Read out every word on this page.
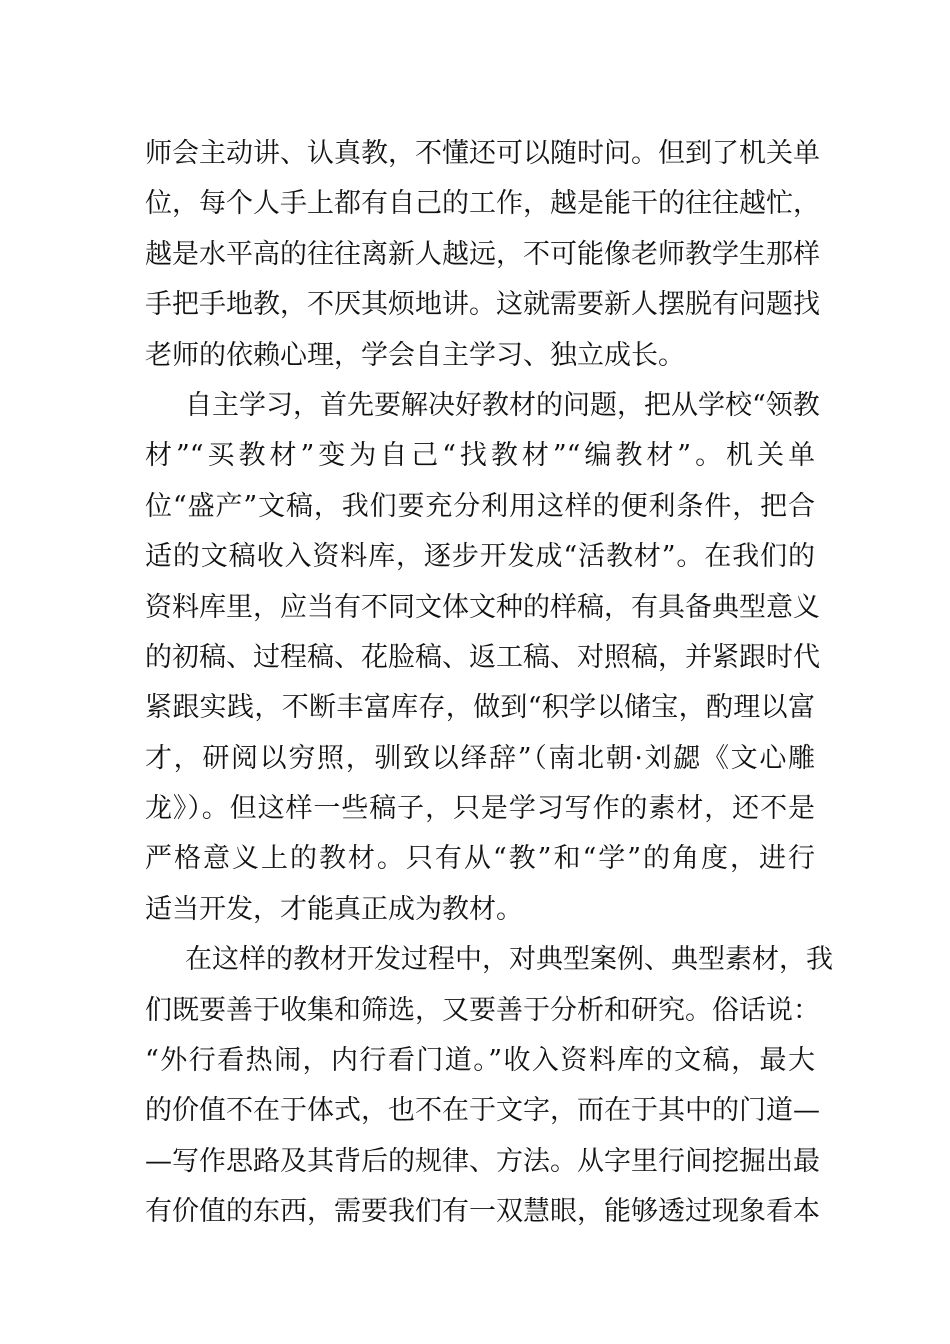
师会主动讲、认真教，不懂还可以随时问。但到了机关单
位，每个人手上都有自己的工作，越是能干的往往越忙，
越是水平高的往往离新人越远，不可能像老师教学生那样
手把手地教，不厌其烦地讲。这就需要新人摆脱有问题找
老师的依赖心理，学会自主学习、独立成长。
自主学习，首先要解决好教材的问题，把从学校“领教
材”“买教材”变为自己“找教材”“编教材”。机关单
位“盛产”文稿，我们要充分利用这样的便利条件，把合
适的文稿收入资料库，逐步开发成“活教材”。在我们的
资料库里，应当有不同文体文种的样稿，有具备典型意义
的初稿、过程稿、花脸稿、返工稿、对照稿，并紧跟时代
紧跟实践，不断丰富库存，做到“积学以储宝，酌理以富
才，研阅以穷照，驯致以绎辞”（南北朝·刘勰《文心雕
龙》）。但这样一些稿子，只是学习写作的素材，还不是
严格意义上的教材。只有从“教”和“学”的角度，进行
适当开发，才能真正成为教材。
在这样的教材开发过程中，对典型案例、典型素材，我
们既要善于收集和筛选，又要善于分析和研究。俗话说：
“外行看热闹，内行看门道。”收入资料库的文稿，最大
的价值不在于体式，也不在于文字，而在于其中的门道—
—写作思路及其背后的规律、方法。从字里行间挖掘出最
有价值的东西，需要我们有一双慧眼，能够透过现象看本
